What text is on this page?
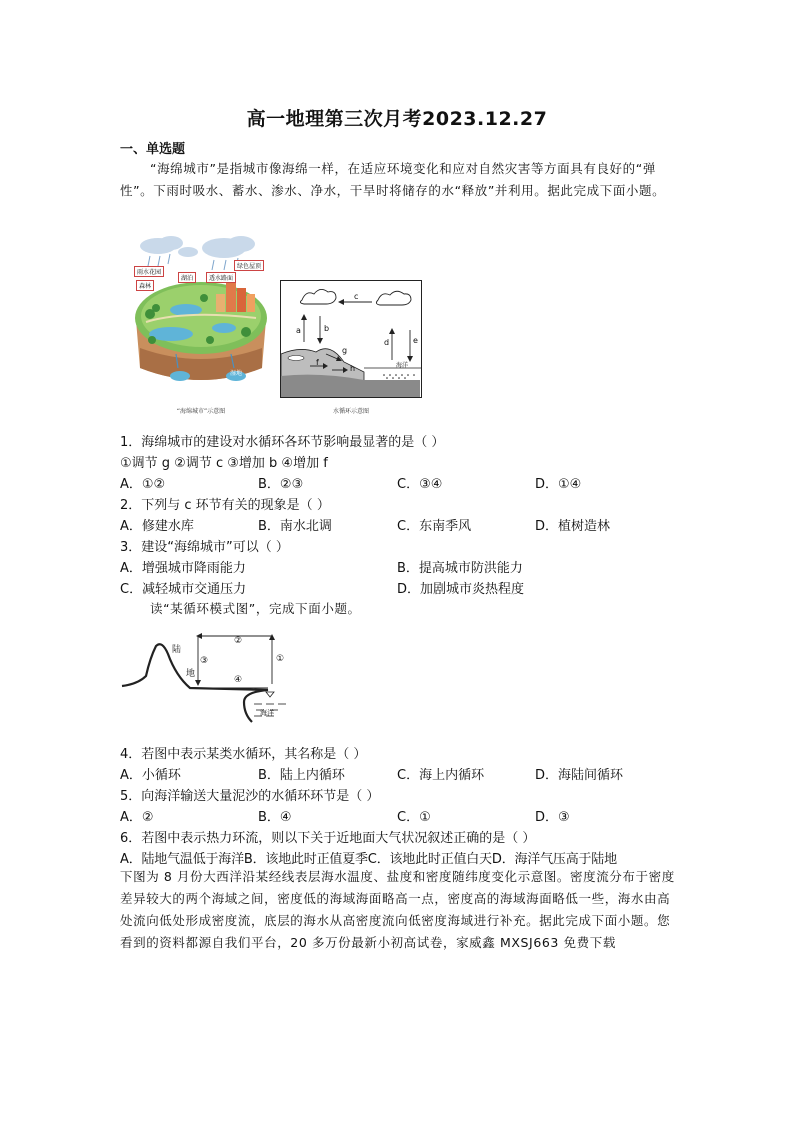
高一地理第三次月考2023.12.27
一、单选题
“海绵城市”是指城市像海绵一样，在适应环境变化和应对自然灾害等方面具有良好的“弹性”。下雨时吸水、蓄水、渗水、净水，干旱时将储存的水“释放”并利用。据此完成下面小题。
雨水花园
森林
湖泊	透水路面
绿色屋顶
湿地
“海绵城市”示意图
c
a	b
d	e
f
g
h	海洋
水循环示意图
1．海绵城市的建设对水循环各环节影响最显著的是（ ）
①调节 g ②调节 c ③增加 b ④增加 f
A．①②	B．②③	C．③④	D．①④
2．下列与 c 环节有关的现象是（ ）
A．修建水库	B．南水北调	C．东南季风	D．植树造林
3．建设“海绵城市”可以（ ）
A．增强城市降雨能力	B．提高城市防洪能力
C．减轻城市交通压力	D．加剧城市炎热程度
读“某循环模式图”，完成下面小题。
陆
地
①
②
③
④
海洋
4．若图中表示某类水循环，其名称是（ ）
A．小循环	B．陆上内循环	C．海上内循环	D．海陆间循环
5．向海洋输送大量泥沙的水循环环节是（ ）
A．②	B．④	C．①	D．③
6．若图中表示热力环流，则以下关于近地面大气状况叙述正确的是（ ）
A．陆地气温低于海洋B．该地此时正值夏季C．该地此时正值白天D．海洋气压高于陆地
下图为 8 月份大西洋沿某经线表层海水温度、盐度和密度随纬度变化示意图。密度流分布于密度差异较大的两个海域之间，密度低的海域海面略高一点，密度高的海域海面略低一些，海水由高处流向低处形成密度流，底层的海水从高密度流向低密度海域进行补充。据此完成下面小题。您看到的资料都源自我们平台，20 多万份最新小初高试卷，家威鑫 MXSJ663 免费下载
